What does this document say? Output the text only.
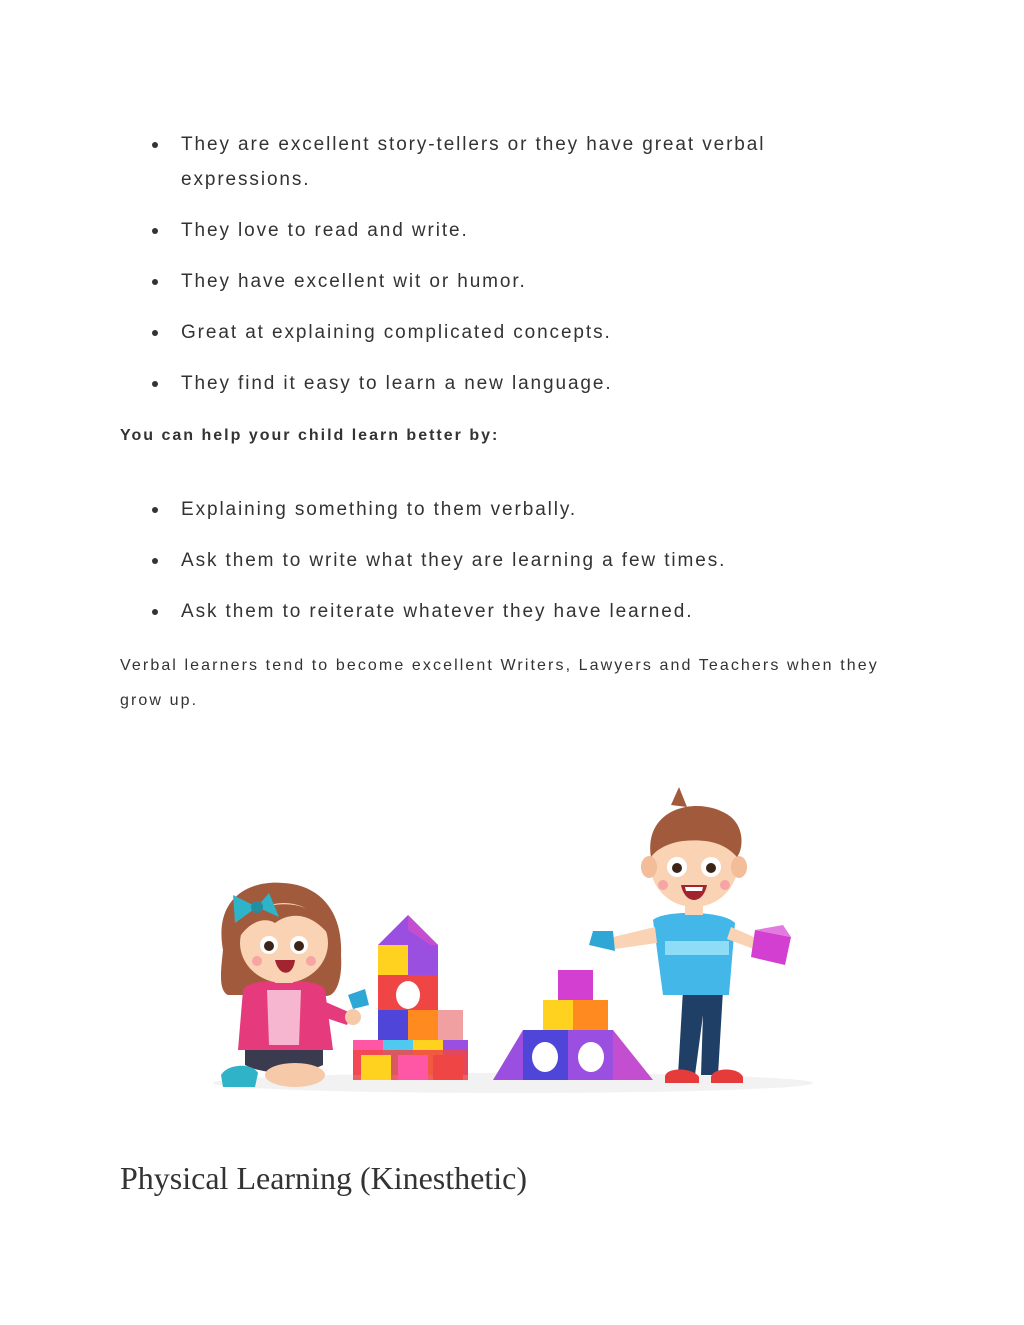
They are excellent story-tellers or they have great verbal expressions.
They love to read and write.
They have excellent wit or humor.
Great at explaining complicated concepts.
They find it easy to learn a new language.

You can help your child learn better by:

Explaining something to them verbally.
Ask them to write what they are learning a few times.
Ask them to reiterate whatever they have learned.

Verbal learners tend to become excellent Writers, Lawyers and Teachers when they grow up.

Physical Learning (Kinesthetic)
